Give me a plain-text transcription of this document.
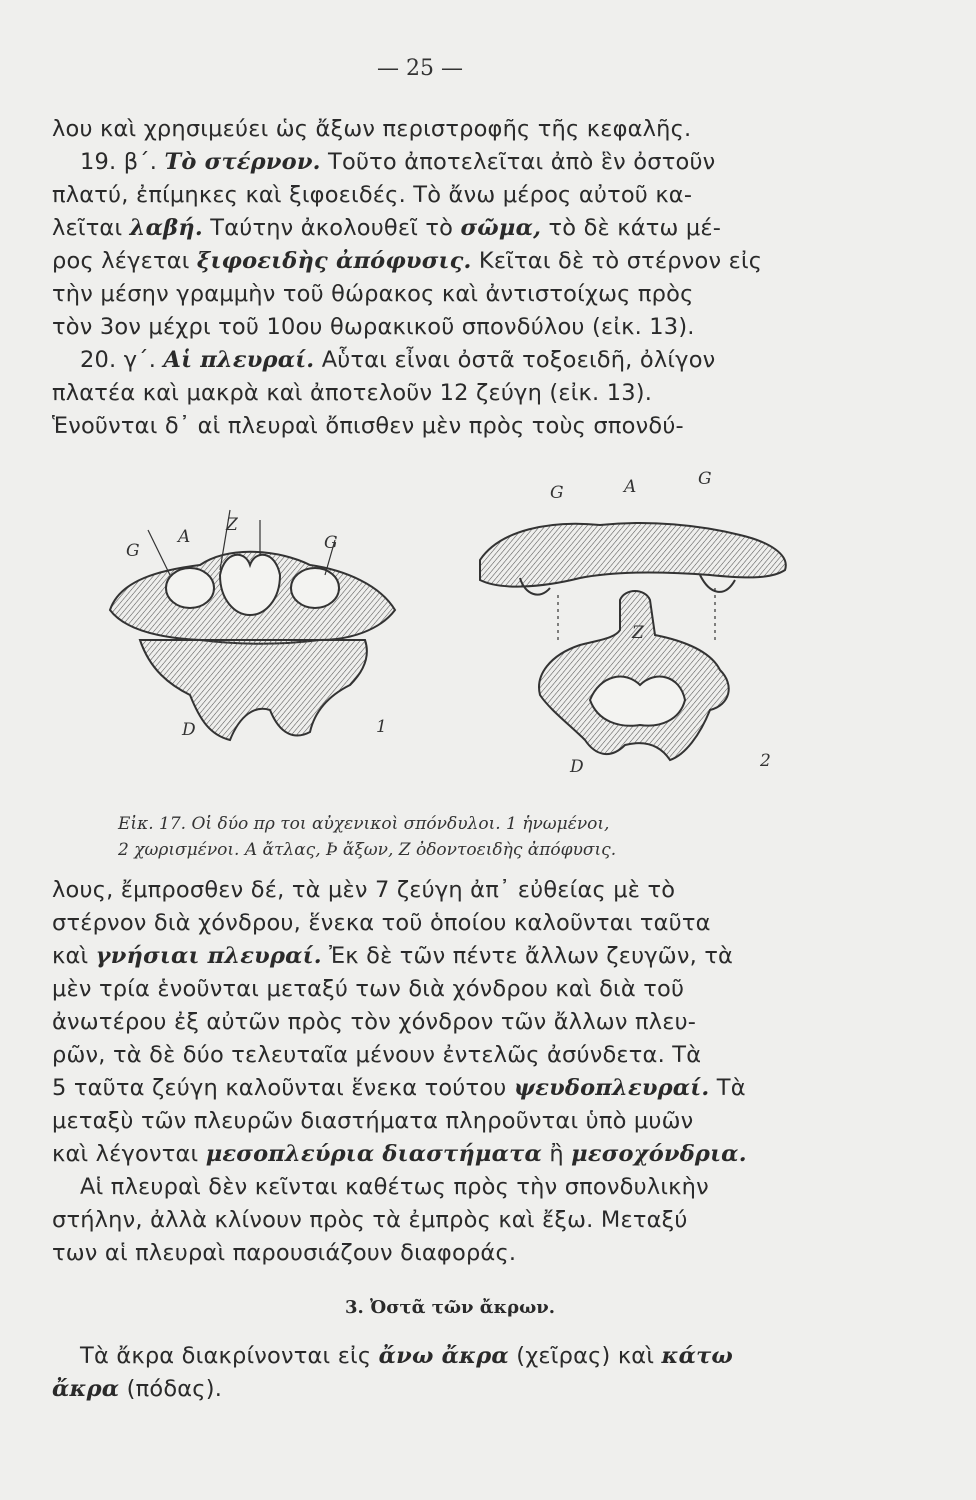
— 25 —
λου καὶ χρησιμεύει ὡς ἄξων περιστροφῆς τῆς κεφαλῆς.
19. β΄. Τὸ στέρνον. Τοῦτο ἀποτελεῖται ἀπὸ ἓν ὀστοῦν
πλατύ, ἐπίμηκες καὶ ξιφοειδές. Τὸ ἄνω μέρος αὐτοῦ κα-
λεῖται λαβή. Ταύτην ἀκολουθεῖ τὸ σῶμα, τὸ δὲ κάτω μέ-
ρος λέγεται ξιφοειδὴς ἀπόφυσις. Κεῖται δὲ τὸ στέρνον εἰς
τὴν μέσην γραμμὴν τοῦ θώρακος καὶ ἀντιστοίχως πρὸς
τὸν 3ον μέχρι τοῦ 10ου θωρακικοῦ σπονδύλου (εἰκ. 13).
20. γ΄. Αἱ πλευραί. Αὗται εἶναι ὀστᾶ τοξοειδῆ, ὀλίγον
πλατέα καὶ μακρὰ καὶ ἀποτελοῦν 12 ζεύγη (εἰκ. 13).
Ἑνοῦνται δ᾽ αἱ πλευραὶ ὄπισθεν μὲν πρὸς τοὺς σπονδύ-
G
A
Z
G
D	1
G	A	G
Z
D	2
Εἰκ. 17. Οἱ δύο πρ τοι αὐχενικοὶ σπόνδυλοι. 1 ἡνωμένοι,
2 χωρισμένοι. Α ἄτλας, Ϸ ἄξων, Ζ ὀδοντοειδὴς ἀπόφυσις.
λους, ἔμπροσθεν δέ, τὰ μὲν 7 ζεύγη ἀπ᾽ εὐθείας μὲ τὸ
στέρνον διὰ χόνδρου, ἕνεκα τοῦ ὁποίου καλοῦνται ταῦτα
καὶ γνήσιαι πλευραί. Ἐκ δὲ τῶν πέντε ἄλλων ζευγῶν, τὰ
μὲν τρία ἑνοῦνται μεταξύ των διὰ χόνδρου καὶ διὰ τοῦ
ἀνωτέρου ἐξ αὐτῶν πρὸς τὸν χόνδρον τῶν ἄλλων πλευ-
ρῶν, τὰ δὲ δύο τελευταῖα μένουν ἐντελῶς ἀσύνδετα. Τὰ
5 ταῦτα ζεύγη καλοῦνται ἕνεκα τούτου ψευδοπλευραί. Τὰ
μεταξὺ τῶν πλευρῶν διαστήματα πληροῦνται ὑπὸ μυῶν
καὶ λέγονται μεσοπλεύρια διαστήματα ἢ μεσοχόνδρια.
Αἱ πλευραὶ δὲν κεῖνται καθέτως πρὸς τὴν σπονδυλικὴν
στήλην, ἀλλὰ κλίνουν πρὸς τὰ ἐμπρὸς καὶ ἔξω. Μεταξύ
των αἱ πλευραὶ παρουσιάζουν διαφοράς.
3. Ὀστᾶ τῶν ἄκρων.
Τὰ ἄκρα διακρίνονται εἰς ἄνω ἄκρα (χεῖρας) καὶ κάτω
ἄκρα (πόδας).
